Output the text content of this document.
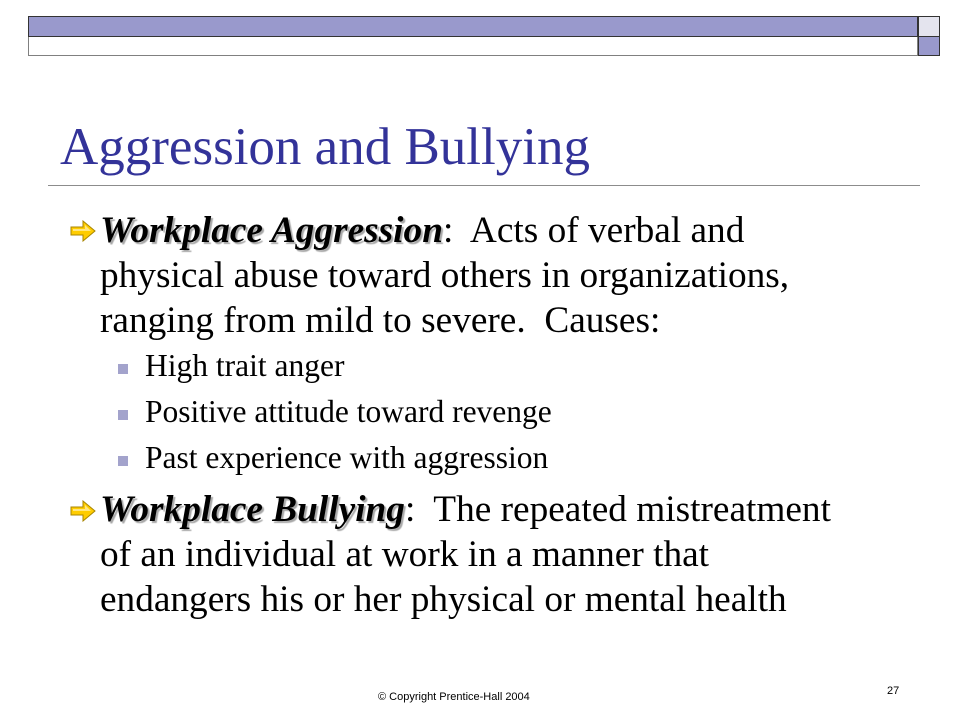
Aggression and Bullying

Workplace Aggression:  Acts of verbal and physical abuse toward others in organizations, ranging from mild to severe.  Causes:

High trait anger
Positive attitude toward revenge
Past experience with aggression

Workplace Bullying:  The repeated mistreatment of an individual at work in a manner that endangers his or her physical or mental health

© Copyright Prentice-Hall 2004	27
